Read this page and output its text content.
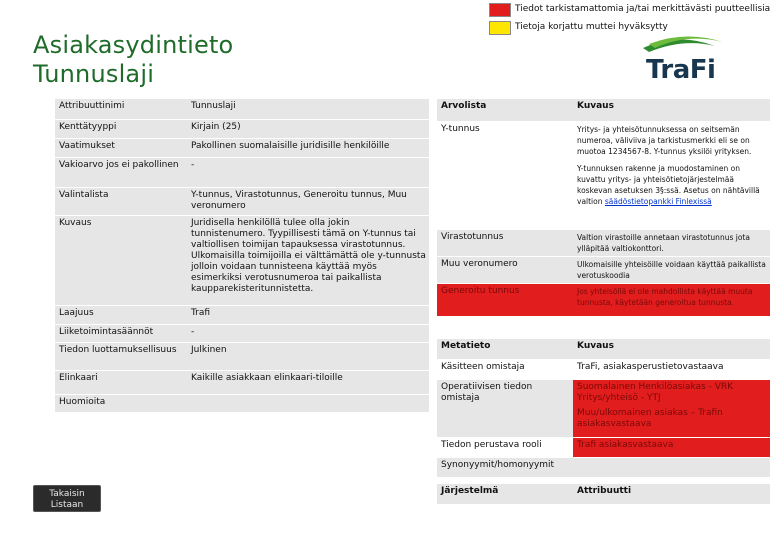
Tiedot tarkistamattomia ja/tai merkittävästi puutteellisia
Tietoja korjattu muttei hyväksytty
Asiakasydintieto
Tunnuslaji	TraFi
Attribuuttinimi	Tunnuslaji
Kenttätyyppi	Kirjain (25)
Vaatimukset	Pakollinen suomalaisille juridisille henkilöille
Vakioarvo jos ei pakollinen	-
Valintalista	Y-tunnus, Virastotunnus, Generoitu tunnus, Muu veronumero
Kuvaus	Juridisella henkilöllä tulee olla jokin tunnistenumero. Tyypillisesti tämä on Y-tunnus tai valtiollisen toimijan tapauksessa virastotunnus. Ulkomaisilla toimijoilla ei välttämättä ole y-tunnusta jolloin voidaan tunnisteena käyttää myös esimerkiksi verotusnumeroa tai paikallista kaupparekisteritunnistetta.
Laajuus	Trafi
Liiketoimintasäännöt	-
Tiedon luottamuksellisuus	Julkinen
Elinkaari	Kaikille asiakkaan elinkaari-tiloille
Huomioita	
Arvolista	Kuvaus
Y-tunnus	Yritys- ja yhteisötunnuksessa on seitsemän numeroa, väliviiva ja tarkistusmerkki eli se on muotoa 1234567-8. Y-tunnus yksilöi yrityksen.
Y-tunnuksen rakenne ja muodostaminen on kuvattu yritys- ja yhteisötietojärjestelmää koskevan asetuksen 3§:ssä. Asetus on nähtävillä valtion säädöstietopankki Finlexissä

Virastotunnus	Valtion virastoille annetaan virastotunnus jota ylläpitää valtiokonttori.
Muu veronumero	Ulkomaisille yhteisöille voidaan käyttää paikallista verotuskoodia
Generoitu tunnus	Jos yhteisöllä ei ole mahdollista käyttää muuta tunnusta, käytetään generoitua tunnusta.
Metatieto	Kuvaus
Käsitteen omistaja	TraFi, asiakasperustietovastaava
Operatiivisen tiedon omistaja	Suomalainen Henkilöasiakas - VRK Yritys/yhteisö - YTJ
Muu/ulkomainen asiakas – Trafin asiakasvastaava

Tiedon perustava rooli	Trafi asiakasvastaava
Synonyymit/homonyymit	
Järjestelmä	Attribuutti

Takaisin
Listaan
